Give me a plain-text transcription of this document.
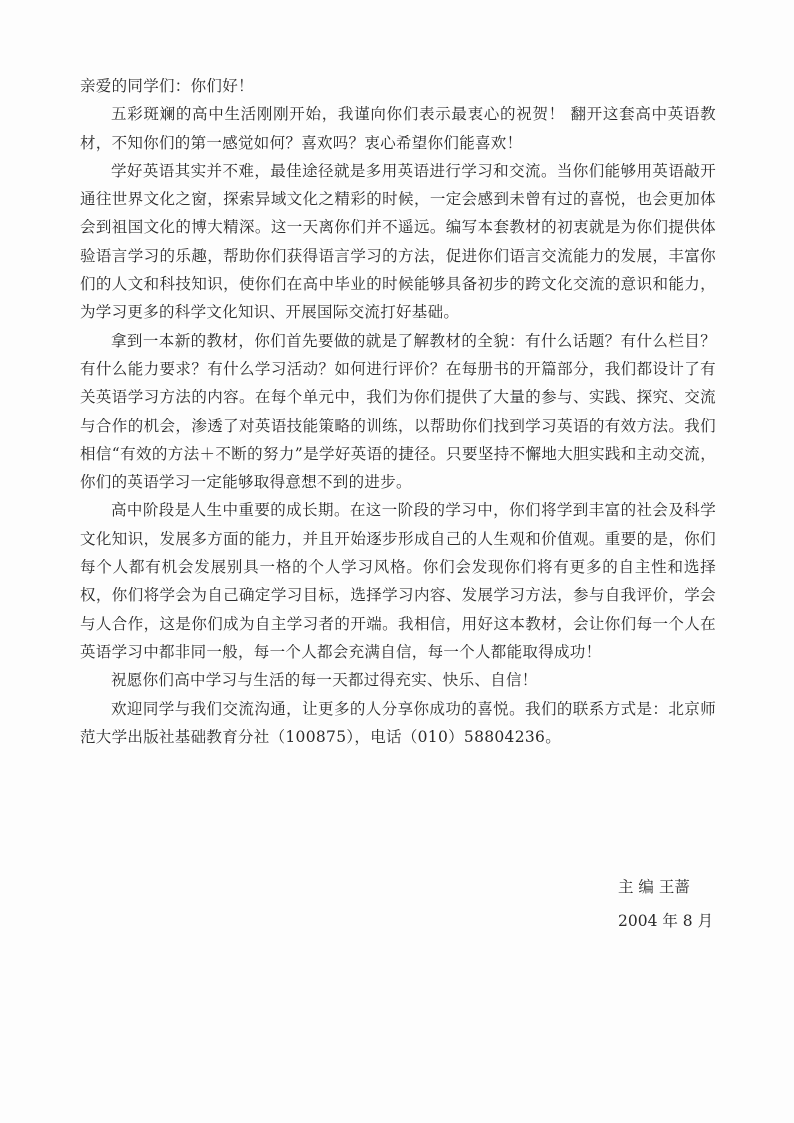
亲爱的同学们：你们好！

五彩斑斓的高中生活刚刚开始，我谨向你们表示最衷心的祝贺！ 翻开这套高中英语教材，不知你们的第一感觉如何？喜欢吗？衷心希望你们能喜欢！

学好英语其实并不难，最佳途径就是多用英语进行学习和交流。当你们能够用英语敲开通往世界文化之窗，探索异域文化之精彩的时候，一定会感到未曾有过的喜悦，也会更加体会到祖国文化的博大精深。这一天离你们并不遥远。编写本套教材的初衷就是为你们提供体验语言学习的乐趣，帮助你们获得语言学习的方法，促进你们语言交流能力的发展，丰富你们的人文和科技知识，使你们在高中毕业的时候能够具备初步的跨文化交流的意识和能力，为学习更多的科学文化知识、开展国际交流打好基础。

拿到一本新的教材，你们首先要做的就是了解教材的全貌：有什么话题？有什么栏目？有什么能力要求？有什么学习活动？如何进行评价？在每册书的开篇部分，我们都设计了有关英语学习方法的内容。在每个单元中，我们为你们提供了大量的参与、实践、探究、交流与合作的机会，渗透了对英语技能策略的训练，以帮助你们找到学习英语的有效方法。我们相信“有效的方法＋不断的努力”是学好英语的捷径。只要坚持不懈地大胆实践和主动交流，你们的英语学习一定能够取得意想不到的进步。

高中阶段是人生中重要的成长期。在这一阶段的学习中，你们将学到丰富的社会及科学文化知识，发展多方面的能力，并且开始逐步形成自己的人生观和价值观。重要的是，你们每个人都有机会发展别具一格的个人学习风格。你们会发现你们将有更多的自主性和选择权，你们将学会为自己确定学习目标，选择学习内容、发展学习方法，参与自我评价，学会与人合作，这是你们成为自主学习者的开端。我相信，用好这本教材，会让你们每一个人在英语学习中都非同一般，每一个人都会充满自信，每一个人都能取得成功！

祝愿你们高中学习与生活的每一天都过得充实、快乐、自信！

欢迎同学与我们交流沟通，让更多的人分享你成功的喜悦。我们的联系方式是：北京师范大学出版社基础教育分社（100875），电话（010）58804236。

主 编 王蔷
2004 年 8 月
